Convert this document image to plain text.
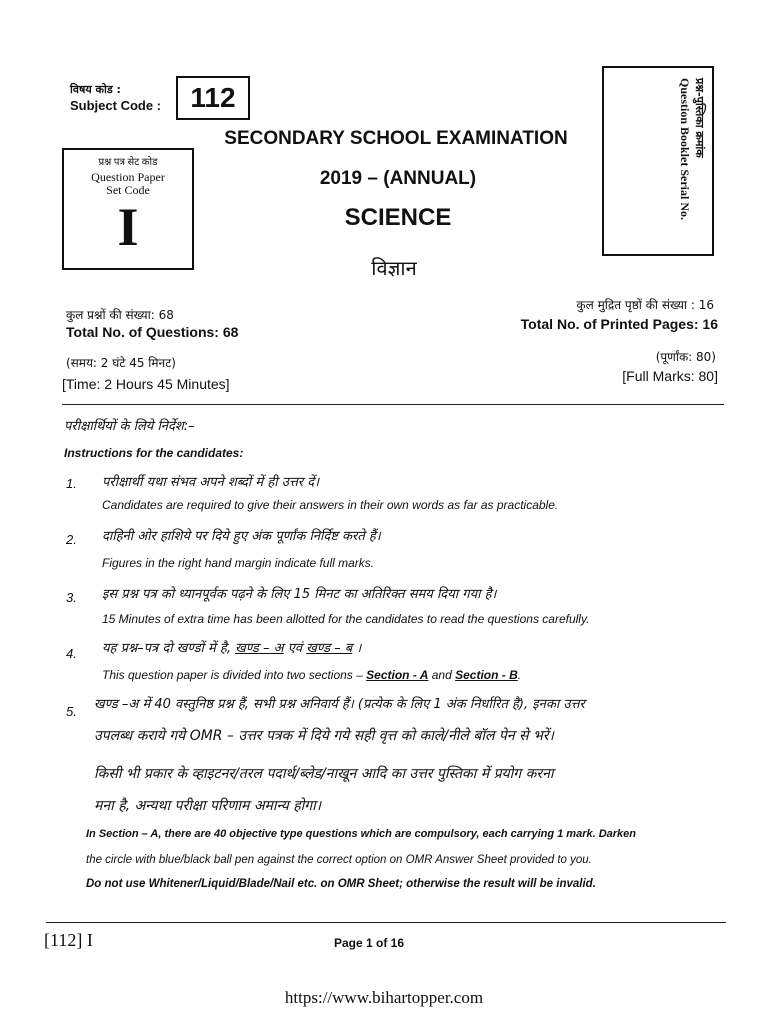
विषय कोड :
Subject Code :	112
प्रश्न पत्र सेट कोड
Question Paper
Set Code
I
प्रश्न-पुस्तिका क्रमांक
Question Booklet Serial No.
SECONDARY SCHOOL EXAMINATION
2019 – (ANNUAL)
SCIENCE
विज्ञान
कुल प्रश्नों की संख्या: 68
Total No. of Questions: 68
(समय: 2 घंटे 45 मिनट)
[Time: 2 Hours 45 Minutes]
कुल मुद्रित पृष्ठों की संख्या : 16
Total No. of Printed Pages: 16
(पूर्णांक: 80)
[Full Marks: 80]
परीक्षार्थियों के लिये निर्देश:–
Instructions for the candidates:
1. परीक्षार्थी यथा संभव अपने शब्दों में ही उत्तर दें।
Candidates are required to give their answers in their own words as far as practicable.
2. दाहिनी ओर हाशिये पर दिये हुए अंक पूर्णांक निर्दिष्ट करते हैं।
Figures in the right hand margin indicate full marks.
3. इस प्रश्न पत्र को ध्यानपूर्वक पढ़ने के लिए 15 मिनट का अतिरिक्त समय दिया गया है।
15 Minutes of extra time has been allotted for the candidates to read the questions carefully.
4. यह प्रश्न–पत्र दो खण्डों में है, खण्ड – अ एवं खण्ड – ब ।
This question paper is divided into two sections – Section - A and Section - B.
5. खण्ड –अ में 40 वस्तुनिष्ठ प्रश्न हैं, सभी प्रश्न अनिवार्य हैं। (प्रत्येक के लिए 1 अंक निर्धारित है), इनका उत्तर
उपलब्ध कराये गये OMR – उत्तर पत्रक में दिये गये सही वृत्त को काले/नीले बॉल पेन से भरें।
किसी भी प्रकार के व्हाइटनर/तरल पदार्थ/ब्लेड/नाखून आदि का उत्तर पुस्तिका में प्रयोग करना
मना है, अन्यथा परीक्षा परिणाम अमान्य होगा।
In Section – A, there are 40 objective type questions which are compulsory, each carrying 1 mark. Darken
the circle with blue/black ball pen against the correct option on OMR Answer Sheet provided to you.
Do not use Whitener/Liquid/Blade/Nail etc. on OMR Sheet; otherwise the result will be invalid.
[112] I	Page 1 of 16
https://www.bihartopper.com
